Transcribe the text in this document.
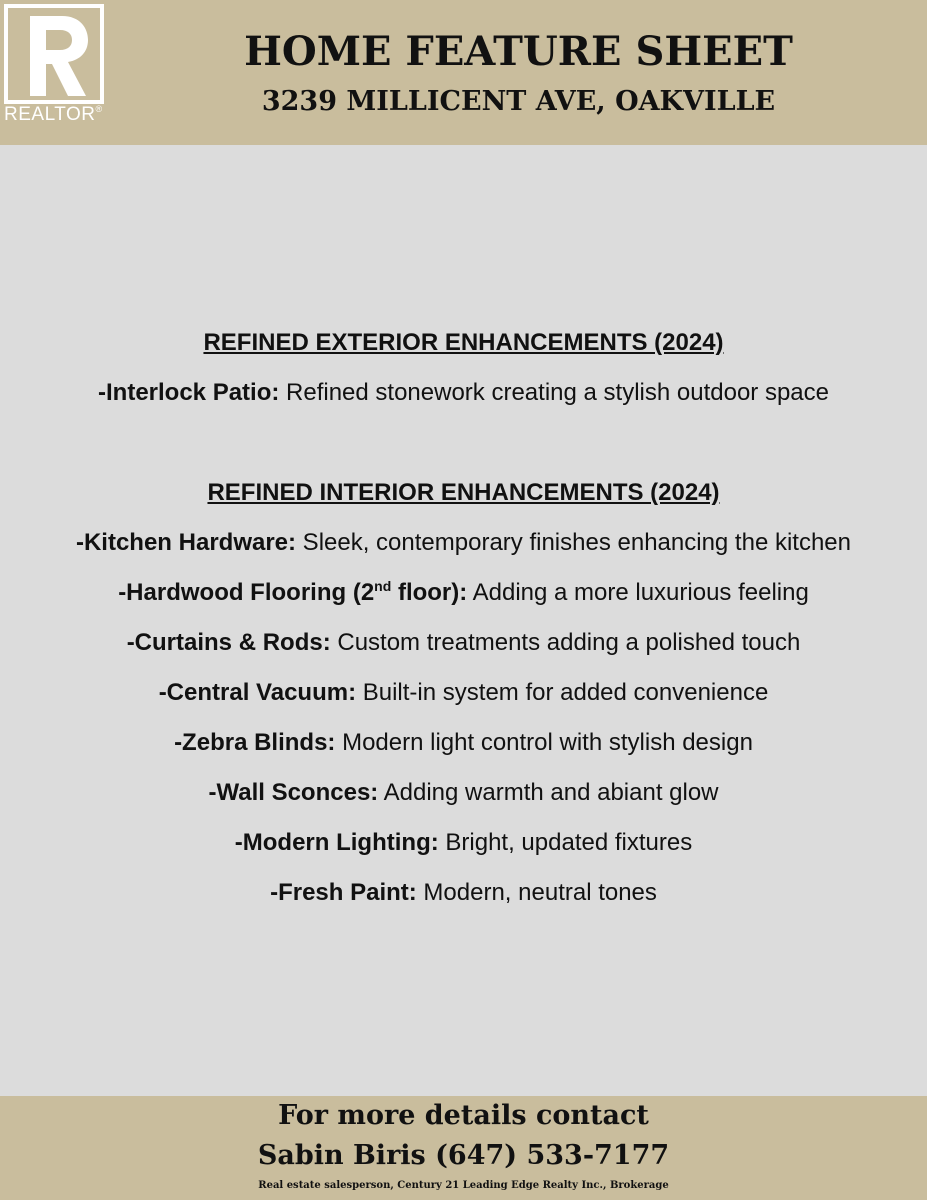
REALTOR®
HOME FEATURE SHEET
3239 MILLICENT AVE, OAKVILLE

REFINED EXTERIOR ENHANCEMENTS (2024)

-Interlock Patio: Refined stonework creating a stylish outdoor space

REFINED INTERIOR ENHANCEMENTS (2024)

-Kitchen Hardware: Sleek, contemporary finishes enhancing the kitchen

-Hardwood Flooring (2nd floor): Adding a more luxurious feeling

-Curtains & Rods: Custom treatments adding a polished touch

-Central Vacuum: Built-in system for added convenience

-Zebra Blinds: Modern light control with stylish design

-Wall Sconces: Adding warmth and abiant glow

-Modern Lighting: Bright, updated fixtures

-Fresh Paint: Modern, neutral tones

For more details contact
Sabin Biris (647) 533-7177
Real estate salesperson, Century 21 Leading Edge Realty Inc., Brokerage
